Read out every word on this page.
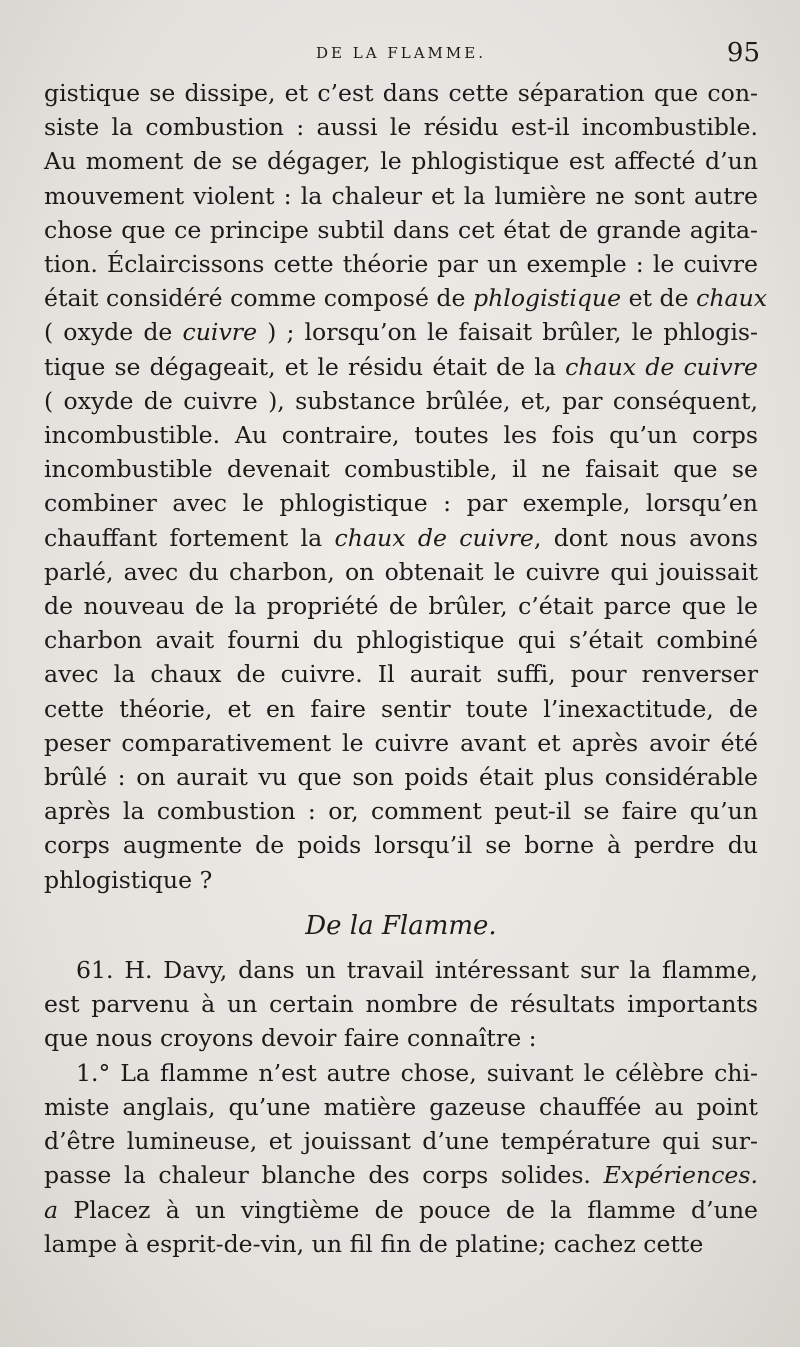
DE LA FLAMME.	95
gistique se dissipe, et c’est dans cette séparation que con-
siste la combustion : aussi le résidu est-il incombustible.
Au moment de se dégager, le phlogistique est affecté d’un
mouvement violent : la chaleur et la lumière ne sont autre
chose que ce principe subtil dans cet état de grande agita-
tion. Éclaircissons cette théorie par un exemple : le cuivre
était considéré comme composé de phlogistique et de chaux
( oxyde de cuivre ) ; lorsqu’on le faisait brûler, le phlogis-
tique se dégageait, et le résidu était de la chaux de cuivre
( oxyde de cuivre ), substance brûlée, et, par conséquent,
incombustible. Au contraire, toutes les fois qu’un corps
incombustible devenait combustible, il ne faisait que se
combiner avec le phlogistique : par exemple, lorsqu’en
chauffant fortement la chaux de cuivre, dont nous avons
parlé, avec du charbon, on obtenait le cuivre qui jouissait
de nouveau de la propriété de brûler, c’était parce que le
charbon avait fourni du phlogistique qui s’était combiné
avec la chaux de cuivre. Il aurait suffi, pour renverser
cette théorie, et en faire sentir toute l’inexactitude, de
peser comparativement le cuivre avant et après avoir été
brûlé : on aurait vu que son poids était plus considérable
après la combustion : or, comment peut-il se faire qu’un
corps augmente de poids lorsqu’il se borne à perdre du
phlogistique ?
De la Flamme.
61. H. Davy, dans un travail intéressant sur la flamme,
est parvenu à un certain nombre de résultats importants
que nous croyons devoir faire connaître :
1.° La flamme n’est autre chose, suivant le célèbre chi-
miste anglais, qu’une matière gazeuse chauffée au point
d’être lumineuse, et jouissant d’une température qui sur-
passe la chaleur blanche des corps solides. Expériences.
a Placez à un vingtième de pouce de la flamme d’une
lampe à esprit-de-vin, un fil fin de platine; cachez cette
